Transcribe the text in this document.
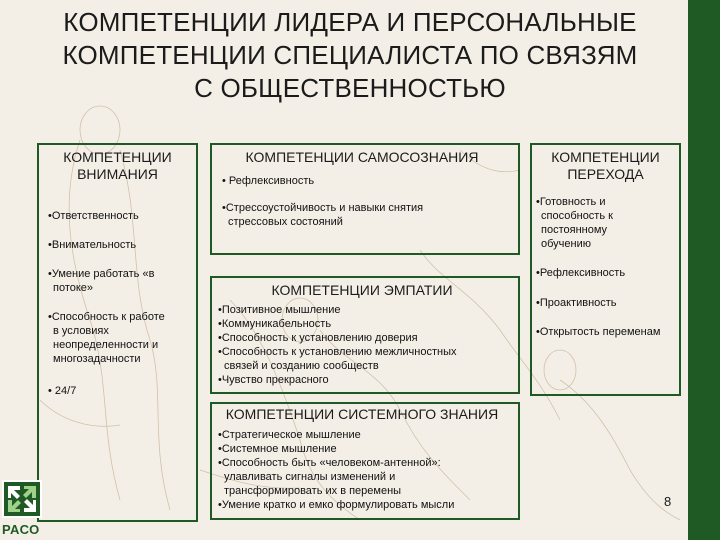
КОМПЕТЕНЦИИ ЛИДЕРА И ПЕРСОНАЛЬНЫЕ
КОМПЕТЕНЦИИ СПЕЦИАЛИСТА ПО СВЯЗЯМ
С ОБЩЕСТВЕННОСТЬЮ
КОМПЕТЕНЦИИ
ВНИМАНИЯ
•Ответственность
•Внимательность
•Умение работать «в
потоке»
•Способность к работе
в условиях
неопределенности и
многозадачности
• 24/7
КОМПЕТЕНЦИИ САМОСОЗНАНИЯ
• Рефлексивность
•Стрессоустойчивость и навыки снятия
стрессовых состояний
КОМПЕТЕНЦИИ
ПЕРЕХОДА
•Готовность и
способность к
постоянному
обучению
•Рефлексивность
•Проактивность
•Открытость переменам
КОМПЕТЕНЦИИ ЭМПАТИИ
•Позитивное мышление
•Коммуникабельность
•Способность к установлению доверия
•Способность к установлению межличностных
связей и созданию сообществ
•Чувство прекрасного
КОМПЕТЕНЦИИ СИСТЕМНОГО ЗНАНИЯ
•Стратегическое мышление
•Системное мышление
•Способность быть «человеком-антенной»:
улавливать сигналы изменений и
трансформировать их в перемены
•Умение кратко и емко формулировать мысли	8
РАСО
